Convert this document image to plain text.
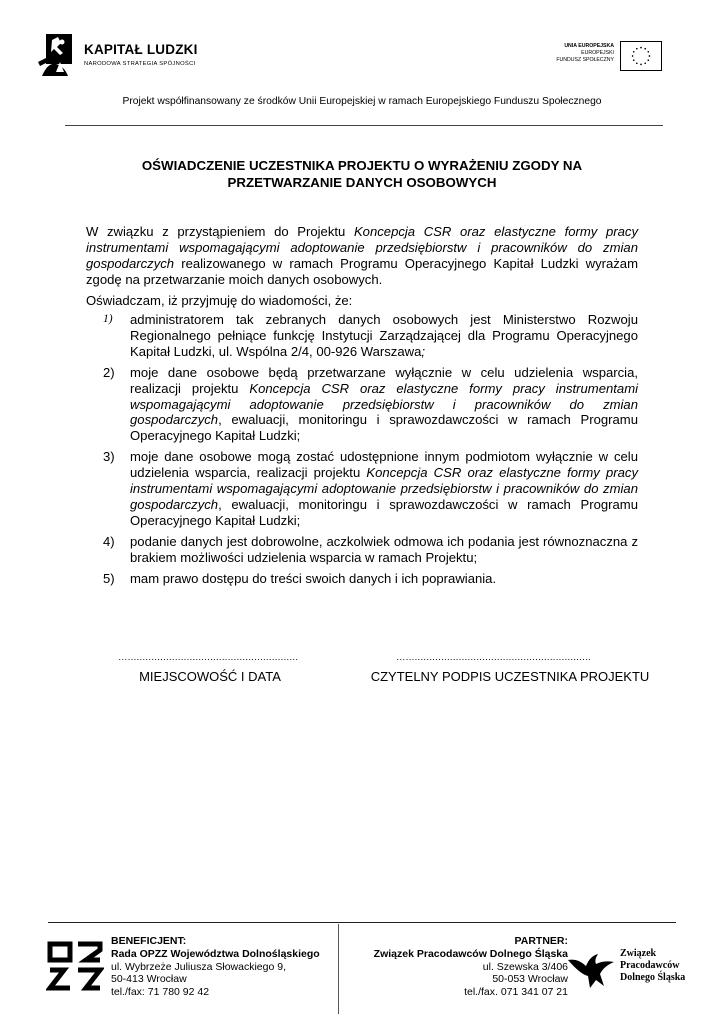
KAPITAŁ LUDZKI
NARODOWA STRATEGIA SPÓJNOŚCI
UNIA EUROPEJSKA
EUROPEJSKI
FUNDUSZ SPOŁECZNY
Projekt współfinansowany ze środków Unii Europejskiej w ramach Europejskiego Funduszu Społecznego
OŚWIADCZENIE UCZESTNIKA PROJEKTU O WYRAŻENIU ZGODY NA
PRZETWARZANIE DANYCH OSOBOWYCH

W związku z przystąpieniem do Projektu Koncepcja CSR oraz elastyczne formy pracy instrumentami wspomagającymi adoptowanie przedsiębiorstw i pracowników do zmian gospodarczych realizowanego w ramach Programu Operacyjnego Kapitał Ludzki wyrażam zgodę na przetwarzanie moich danych osobowych.

Oświadczam, iż przyjmuję do wiadomości, że:

1) administratorem tak zebranych danych osobowych jest Ministerstwo Rozwoju Regionalnego pełniące funkcję Instytucji Zarządzającej dla Programu Operacyjnego Kapitał Ludzki, ul. Wspólna 2/4, 00-926 Warszawa;
2) moje dane osobowe będą przetwarzane wyłącznie w celu udzielenia wsparcia, realizacji projektu Koncepcja CSR oraz elastyczne formy pracy instrumentami wspomagającymi adoptowanie przedsiębiorstw i pracowników do zmian gospodarczych, ewaluacji, monitoringu i sprawozdawczości w ramach Programu Operacyjnego Kapitał Ludzki;
3) moje dane osobowe mogą zostać udostępnione innym podmiotom wyłącznie w celu udzielenia wsparcia, realizacji projektu Koncepcja CSR oraz elastyczne formy pracy instrumentami wspomagającymi adoptowanie przedsiębiorstw i pracowników do zmian gospodarczych, ewaluacji, monitoringu i sprawozdawczości w ramach Programu Operacyjnego Kapitał Ludzki;
4) podanie danych jest dobrowolne, aczkolwiek odmowa ich podania jest równoznaczna z brakiem możliwości udzielenia wsparcia w ramach Projektu;
5) mam prawo dostępu do treści swoich danych i ich poprawiania.
…..........................................................	…...............................................................
MIEJSCOWOŚĆ I DATA	CZYTELNY PODPIS UCZESTNIKA PROJEKTU
BENEFICJENT:
Rada OPZZ Województwa Dolnośląskiego
ul. Wybrzeże Juliusza Słowackiego 9,
50-413 Wrocław
tel./fax: 71 780 92 42
PARTNER:
Związek Pracodawców Dolnego Śląska
ul. Szewska 3/406
50-053 Wrocław
tel./fax. 071 341 07 21
Związek
Pracodawców
Dolnego Śląska
